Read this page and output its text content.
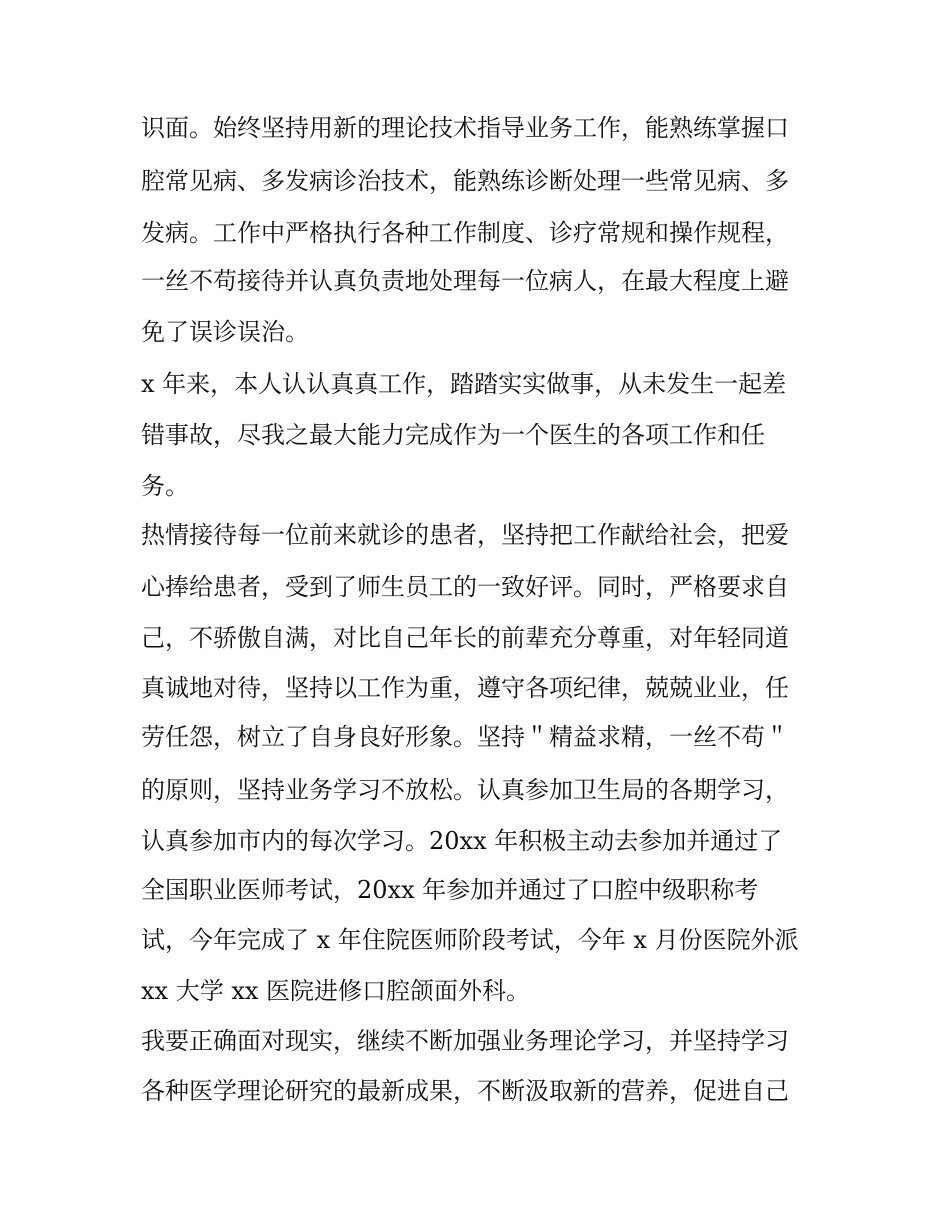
识面。始终坚持用新的理论技术指导业务工作，能熟练掌握口
腔常见病、多发病诊治技术，能熟练诊断处理一些常见病、多
发病。工作中严格执行各种工作制度、诊疗常规和操作规程，
一丝不苟接待并认真负责地处理每一位病人，在最大程度上避
免了误诊误治。
x 年来，本人认认真真工作，踏踏实实做事，从未发生一起差
错事故，尽我之最大能力完成作为一个医生的各项工作和任
务。
热情接待每一位前来就诊的患者，坚持把工作献给社会，把爱
心捧给患者，受到了师生员工的一致好评。同时，严格要求自
己，不骄傲自满，对比自己年长的前辈充分尊重，对年轻同道
真诚地对待，坚持以工作为重，遵守各项纪律，兢兢业业，任
劳任怨，树立了自身良好形象。坚持＂精益求精，一丝不苟＂
的原则，坚持业务学习不放松。认真参加卫生局的各期学习，
认真参加市内的每次学习。20xx 年积极主动去参加并通过了
全国职业医师考试，20xx 年参加并通过了口腔中级职称考
试，今年完成了 x 年住院医师阶段考试，今年 x 月份医院外派
xx 大学 xx 医院进修口腔颌面外科。
我要正确面对现实，继续不断加强业务理论学习，并坚持学习
各种医学理论研究的最新成果，不断汲取新的营养，促进自己
